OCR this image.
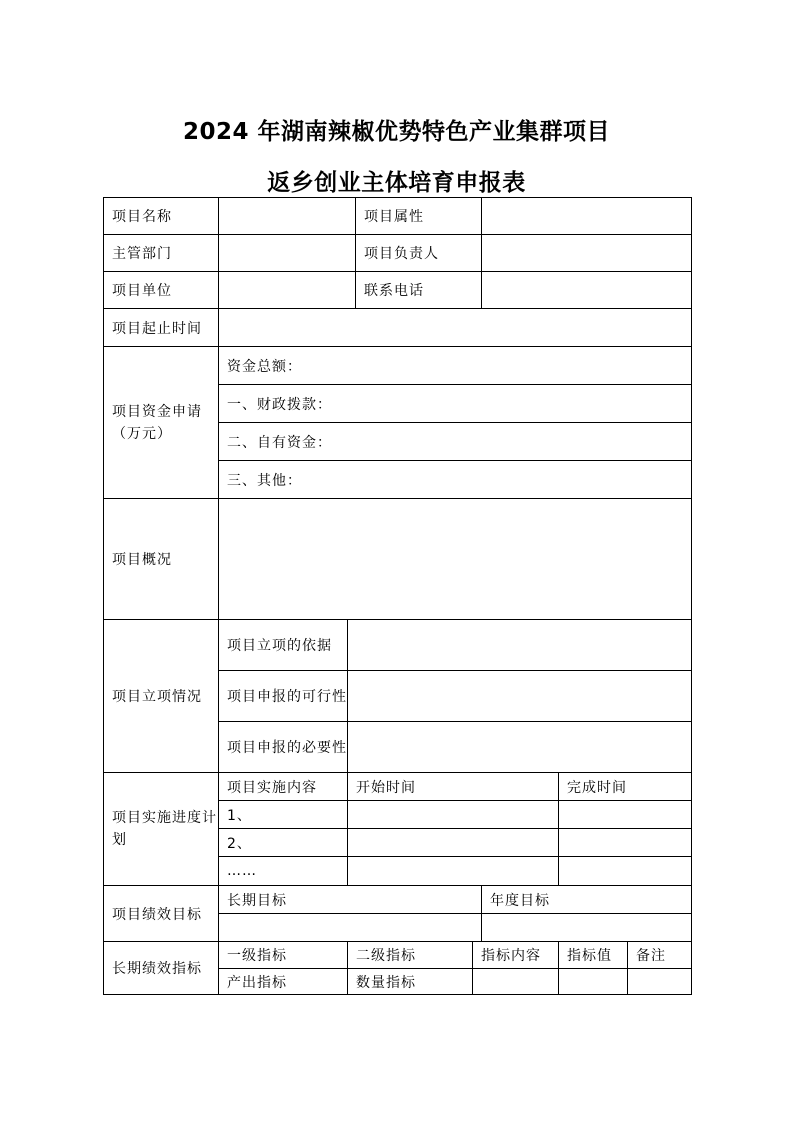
2024 年湖南辣椒优势特色产业集群项目
返乡创业主体培育申报表
项目名称			项目属性				
主管部门			项目负责人				
项目单位			联系电话				
项目起止时间							
项目资金申请（万元）	资金总额：						
	一、财政拨款：						
	二、自有资金：						
	三、其他：						
项目概况							
项目立项情况	项目立项的依据						
	项目申报的可行性						
	项目申报的必要性						
项目实施进度计划	项目实施内容	开始时间				完成时间	
	1、						
	2、						
	……						
项目绩效目标	长期目标				年度目标		

长期绩效指标	一级指标	二级指标		指标内容		指标值	备注
	产出指标	数量指标					
